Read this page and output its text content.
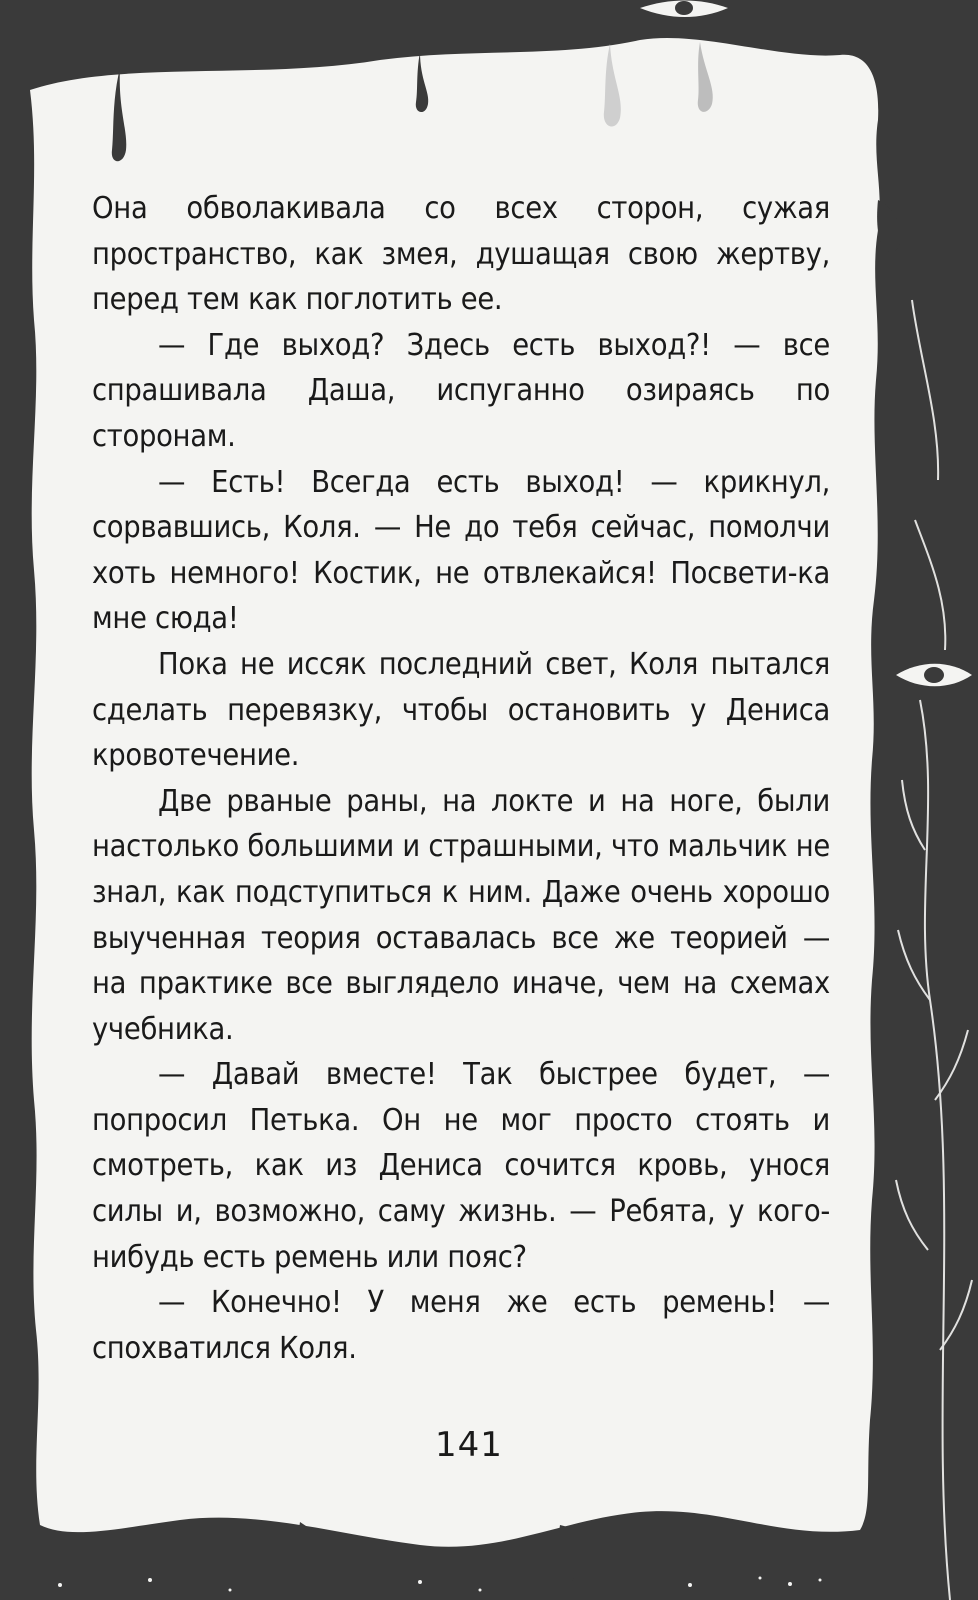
Она обволакивала со всех сторон, сужая пространство, как змея, душащая свою жертву, перед тем как поглотить ее.

— Где выход? Здесь есть выход?! — все спрашивала Даша, испуганно озираясь по сторонам.

— Есть! Всегда есть выход! — крикнул, сорвавшись, Коля. — Не до тебя сейчас, помолчи хоть немного! Костик, не отвлекайся! Посвети-ка мне сюда!

Пока не иссяк последний свет, Коля пытался сделать перевязку, чтобы остановить у Дениса кровотечение.

Две рваные раны, на локте и на ноге, были настолько большими и страшными, что мальчик не знал, как подступиться к ним. Даже очень хорошо выученная теория оставалась все же теорией — на практике все выглядело иначе, чем на схемах учебника.

— Давай вместе! Так быстрее будет, — попросил Петька. Он не мог просто стоять и смотреть, как из Дениса сочится кровь, унося силы и, возможно, саму жизнь. — Ребята, у кого-нибудь есть ремень или пояс?

— Конечно! У меня же есть ремень! — спохватился Коля.

141
